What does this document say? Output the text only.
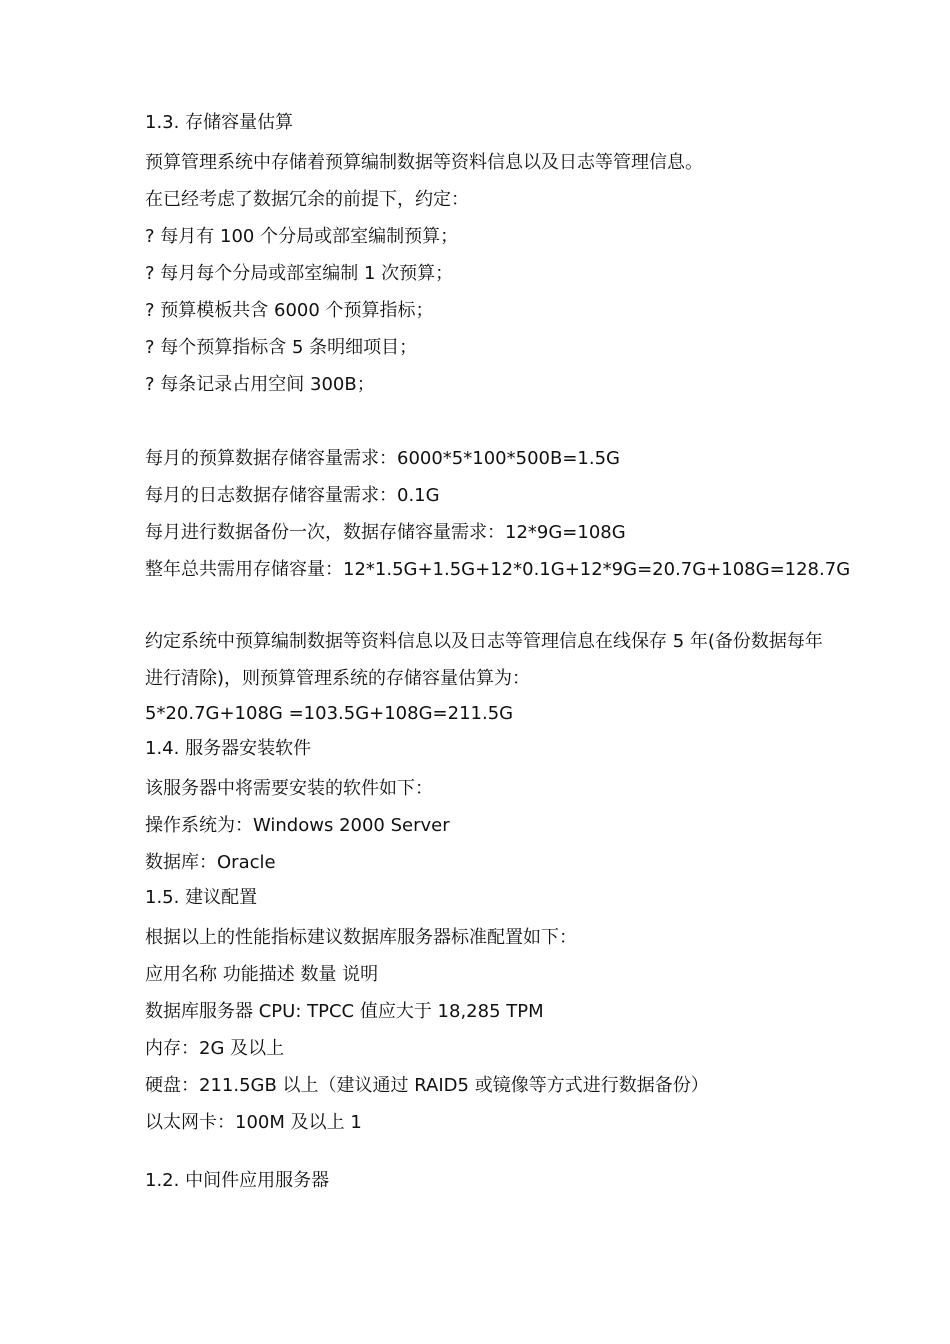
1.3. 存储容量估算
预算管理系统中存储着预算编制数据等资料信息以及日志等管理信息。
在已经考虑了数据冗余的前提下，约定：
? 每月有 100 个分局或部室编制预算；
? 每月每个分局或部室编制 1 次预算；
? 预算模板共含 6000 个预算指标；
? 每个预算指标含 5 条明细项目；
? 每条记录占用空间 300B；
每月的预算数据存储容量需求：6000*5*100*500B=1.5G
每月的日志数据存储容量需求：0.1G
每月进行数据备份一次，数据存储容量需求：12*9G=108G
整年总共需用存储容量：12*1.5G+1.5G+12*0.1G+12*9G=20.7G+108G=128.7G
约定系统中预算编制数据等资料信息以及日志等管理信息在线保存 5 年(备份数据每年
进行清除)，则预算管理系统的存储容量估算为：
5*20.7G+108G =103.5G+108G=211.5G
1.4. 服务器安装软件
该服务器中将需要安装的软件如下：
操作系统为：Windows 2000 Server
数据库：Oracle
1.5. 建议配置
根据以上的性能指标建议数据库服务器标准配置如下：
应用名称 功能描述 数量 说明
数据库服务器 CPU: TPCC 值应大于 18,285 TPM
内存：2G 及以上
硬盘：211.5GB 以上（建议通过 RAID5 或镜像等方式进行数据备份）
以太网卡：100M 及以上 1
1.2. 中间件应用服务器
